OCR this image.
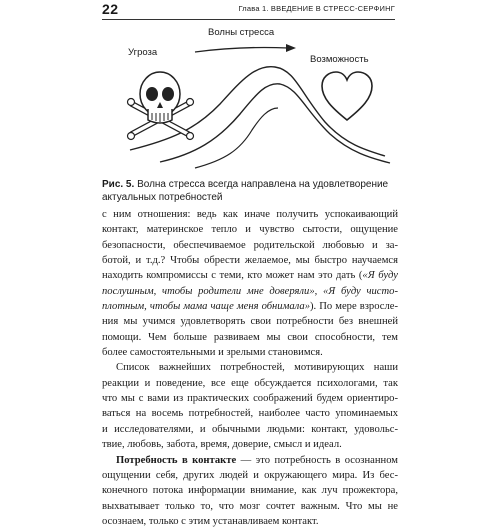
22	Глава 1. ВВЕДЕНИЕ В СТРЕСС-СЕРФИНГ
Угроза
Волны стресса
Возможность
Рис. 5. Волна стресса всегда направлена на удовлетворение актуальных потребностей
с ним отношения: ведь как иначе получить успокаивающий
контакт, материнское тепло и чувство сытости, ощущение
безопасности, обеспечиваемое родительской любовью и за-
ботой, и т.д.? Чтобы обрести желаемое, мы быстро научаемся
находить компромиссы с теми, кто может нам это дать («Я буду
послушным, чтобы родители мне доверяли», «Я буду чисто-
плотным, чтобы мама чаще меня обнимала»). По мере взросле-
ния мы учимся удовлетворять свои потребности без внешней
помощи. Чем больше развиваем мы свои способности, тем
более самостоятельными и зрелыми становимся.
Список важнейших потребностей, мотивирующих наши
реакции и поведение, все еще обсуждается психологами, так
что мы с вами из практических соображений будем ориентиро-
ваться на восемь потребностей, наиболее часто упоминаемых
и исследователями, и обычными людьми: контакт, удовольс-
твие, любовь, забота, время, доверие, смысл и идеал.
Потребность в контакте — это потребность в осознанном
ощущении себя, других людей и окружающего мира. Из бес-
конечного потока информации внимание, как луч прожектора,
выхватывает только то, что мозг сочтет важным. Что мы не
осознаем, только с этим устанавливаем контакт.
